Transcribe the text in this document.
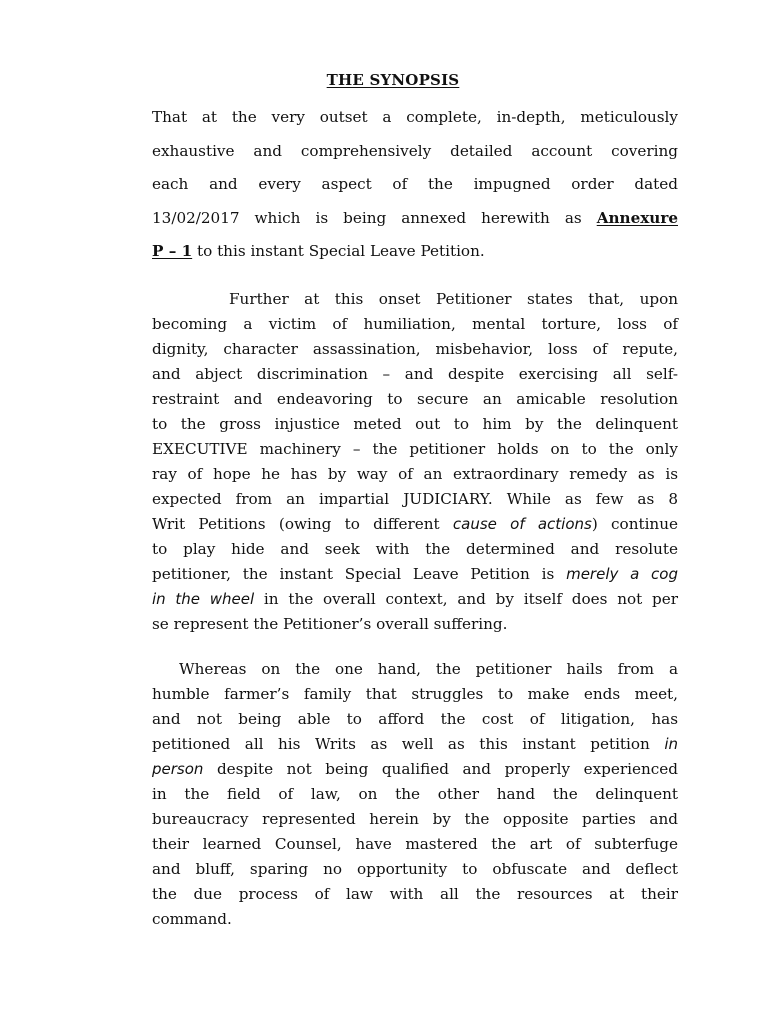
THE SYNOPSIS
That at the very outset a complete, in-depth, meticulously
exhaustive and comprehensively detailed account covering
each and every aspect of the impugned order dated
13/02/2017 which is being annexed herewith as Annexure
P – 1 to this instant Special Leave Petition.
Further at this onset Petitioner states that, upon
becoming a victim of humiliation, mental torture, loss of
dignity, character assassination, misbehavior, loss of repute,
and abject discrimination – and despite exercising all self-
restraint and endeavoring to secure an amicable resolution
to the gross injustice meted out to him by the delinquent
EXECUTIVE machinery – the petitioner holds on to the only
ray of hope he has by way of an extraordinary remedy as is
expected from an impartial JUDICIARY. While as few as 8
Writ Petitions (owing to different cause of actions) continue
to play hide and seek with the determined and resolute
petitioner, the instant Special Leave Petition is merely a cog
in the wheel in the overall context, and by itself does not per
se represent the Petitioner’s overall suffering.
Whereas on the one hand, the petitioner hails from a
humble farmer’s family that struggles to make ends meet,
and not being able to afford the cost of litigation, has
petitioned all his Writs as well as this instant petition in
person despite not being qualified and properly experienced
in the field of law, on the other hand the delinquent
bureaucracy represented herein by the opposite parties and
their learned Counsel, have mastered the art of subterfuge
and bluff, sparing no opportunity to obfuscate and deflect
the due process of law with all the resources at their
command.
